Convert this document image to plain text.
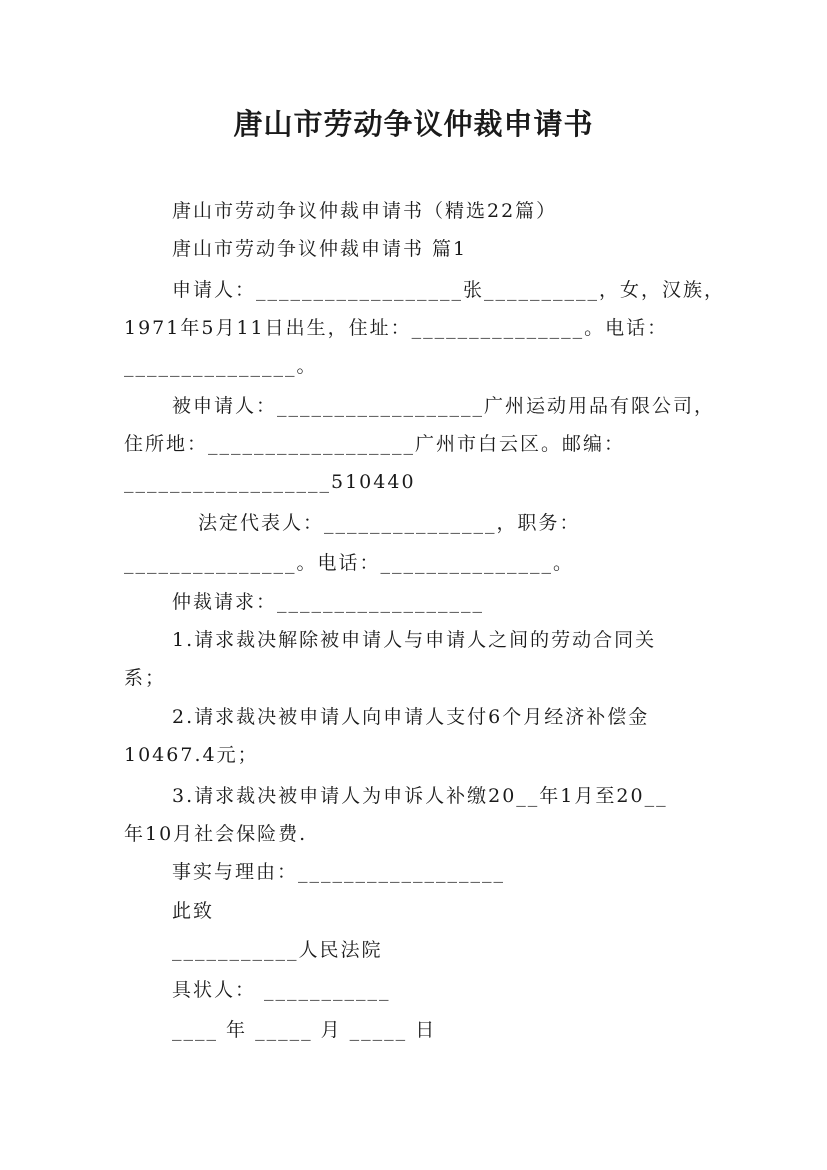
唐山市劳动争议仲裁申请书
唐山市劳动争议仲裁申请书（精选22篇）
唐山市劳动争议仲裁申请书 篇1
申请人：__________________张__________，女，汉族，
1971年5月11日出生，住址：_______________。电话：
_______________。
被申请人：__________________广州运动用品有限公司，
住所地：__________________广州市白云区。邮编：
__________________510440
法定代表人：_______________，职务：
_______________。电话：_______________。
仲裁请求：__________________
1.请求裁决解除被申请人与申请人之间的劳动合同关
系；
2.请求裁决被申请人向申请人支付6个月经济补偿金
10467.4元；
3.请求裁决被申请人为申诉人补缴20__年1月至20__
年10月社会保险费.
事实与理由：__________________
此致
___________人民法院
具状人： ___________
____ 年 _____ 月 _____ 日
